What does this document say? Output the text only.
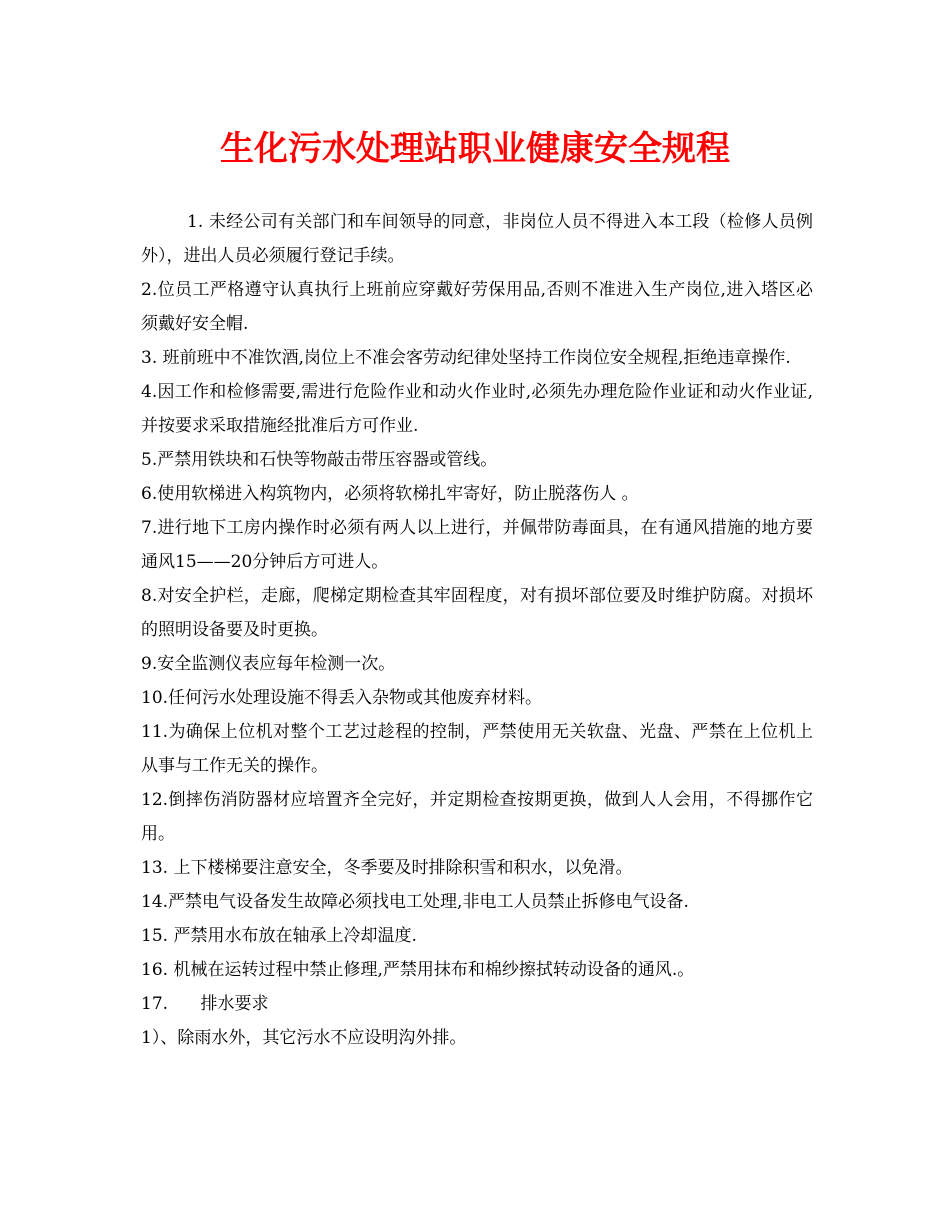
生化污水处理站职业健康安全规程

1. 未经公司有关部门和车间领导的同意，非岗位人员不得进入本工段（检修人员例外），进出人员必须履行登记手续。

2.位员工严格遵守认真执行上班前应穿戴好劳保用品,否则不准进入生产岗位,进入塔区必须戴好安全帽.

3. 班前班中不准饮酒,岗位上不准会客劳动纪律处坚持工作岗位安全规程,拒绝违章操作.

4.因工作和检修需要,需进行危险作业和动火作业时,必须先办理危险作业证和动火作业证,并按要求采取措施经批准后方可作业.

5.严禁用铁块和石快等物敲击带压容器或管线。

6.使用软梯进入构筑物内，必须将软梯扎牢寄好，防止脱落伤人 。

7.进行地下工房内操作时必须有两人以上进行，并佩带防毒面具，在有通风措施的地方要通风15——20分钟后方可进人。

8.对安全护栏，走廊，爬梯定期检查其牢固程度，对有损坏部位要及时维护防腐。对损坏的照明设备要及时更换。

9.安全监测仪表应每年检测一次。

10.任何污水处理设施不得丢入杂物或其他废弃材料。

11.为确保上位机对整个工艺过趁程的控制，严禁使用无关软盘、光盘、严禁在上位机上从事与工作无关的操作。

12.倒摔伤消防器材应培置齐全完好，并定期检查按期更换，做到人人会用，不得挪作它用。

13. 上下楼梯要注意安全，冬季要及时排除积雪和积水，以免滑。

14.严禁电气设备发生故障必须找电工处理,非电工人员禁止拆修电气设备.

15. 严禁用水布放在轴承上冷却温度.

16. 机械在运转过程中禁止修理,严禁用抹布和棉纱擦拭转动设备的通风.。

17.      排水要求

1）、除雨水外，其它污水不应设明沟外排。
